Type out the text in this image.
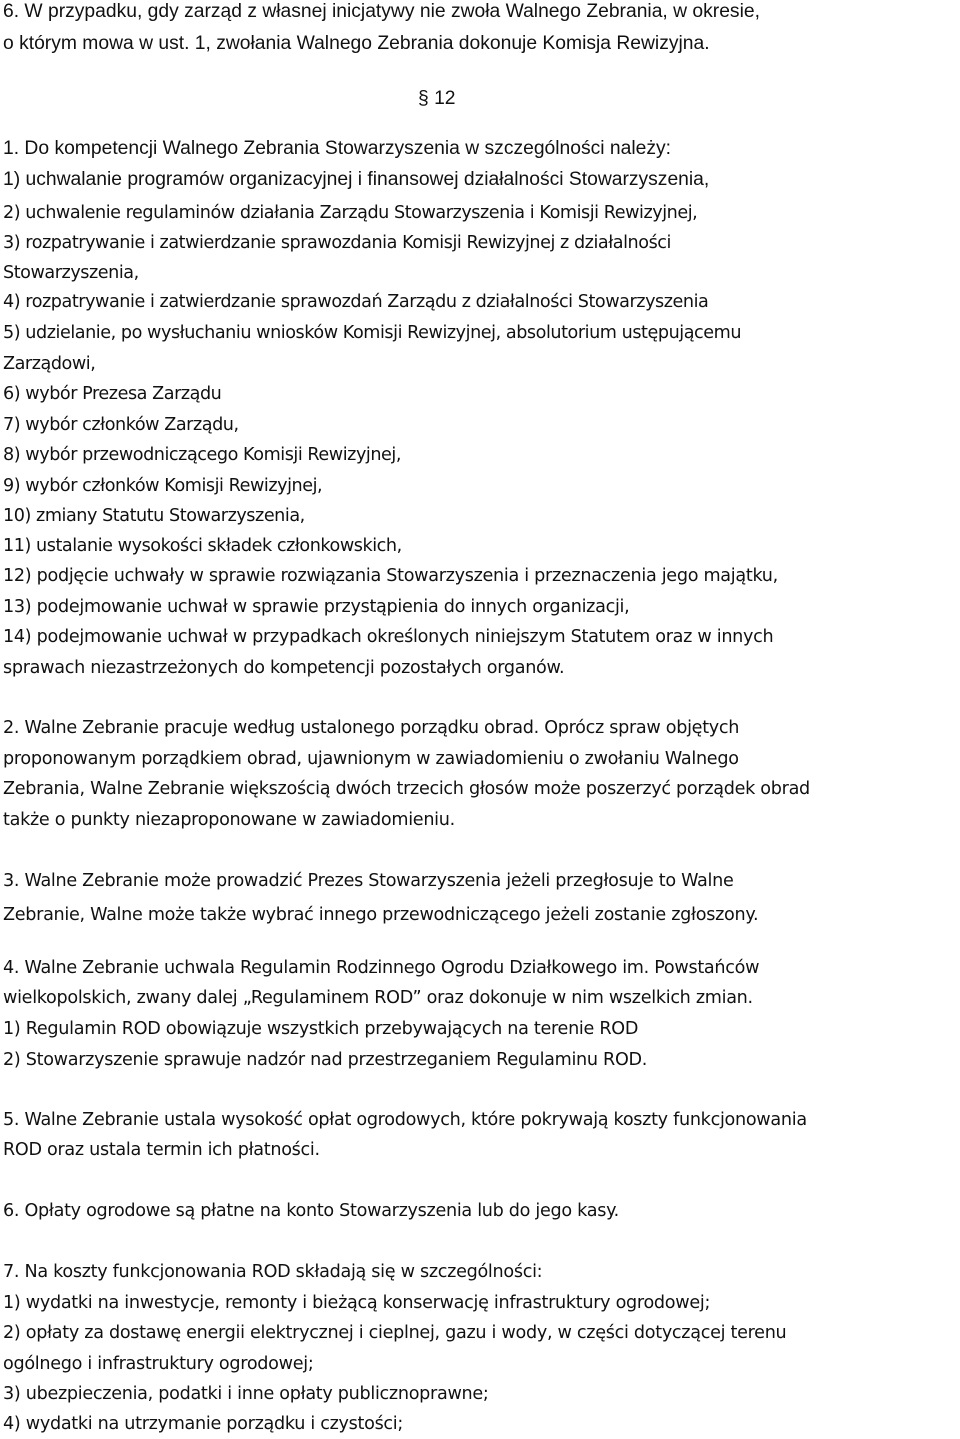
6. W przypadku, gdy zarząd z własnej inicjatywy nie zwoła Walnego Zebrania, w okresie,
o którym mowa w ust. 1, zwołania Walnego Zebrania dokonuje Komisja Rewizyjna.
§ 12
1. Do kompetencji Walnego Zebrania Stowarzyszenia w szczególności należy:
1) uchwalanie programów organizacyjnej i finansowej działalności Stowarzyszenia,
2) uchwalenie regulaminów działania Zarządu Stowarzyszenia i Komisji Rewizyjnej,
3) rozpatrywanie i zatwierdzanie sprawozdania Komisji Rewizyjnej z działalności
Stowarzyszenia,
4) rozpatrywanie i zatwierdzanie sprawozdań Zarządu z działalności Stowarzyszenia
5) udzielanie, po wysłuchaniu wniosków Komisji Rewizyjnej, absolutorium ustępującemu
Zarządowi,
6) wybór Prezesa Zarządu
7) wybór członków Zarządu,
8) wybór przewodniczącego Komisji Rewizyjnej,
9) wybór członków Komisji Rewizyjnej,
10) zmiany Statutu Stowarzyszenia,
11) ustalanie wysokości składek członkowskich,
12) podjęcie uchwały w sprawie rozwiązania Stowarzyszenia i przeznaczenia jego majątku,
13) podejmowanie uchwał w sprawie przystąpienia do innych organizacji,
14) podejmowanie uchwał w przypadkach określonych niniejszym Statutem oraz w innych
sprawach niezastrzeżonych do kompetencji pozostałych organów.
2. Walne Zebranie pracuje według ustalonego porządku obrad. Oprócz spraw objętych
proponowanym porządkiem obrad, ujawnionym w zawiadomieniu o zwołaniu Walnego
Zebrania, Walne Zebranie większością dwóch trzecich głosów może poszerzyć porządek obrad
także o punkty niezaproponowane w zawiadomieniu.
3. Walne Zebranie może prowadzić Prezes Stowarzyszenia jeżeli przegłosuje to Walne
Zebranie, Walne może także wybrać innego przewodniczącego jeżeli zostanie zgłoszony.
4. Walne Zebranie uchwala Regulamin Rodzinnego Ogrodu Działkowego im. Powstańców
wielkopolskich, zwany dalej „Regulaminem ROD” oraz dokonuje w nim wszelkich zmian.
1) Regulamin ROD obowiązuje wszystkich przebywających na terenie ROD
2) Stowarzyszenie sprawuje nadzór nad przestrzeganiem Regulaminu ROD.
5. Walne Zebranie ustala wysokość opłat ogrodowych, które pokrywają koszty funkcjonowania
ROD oraz ustala termin ich płatności.
6. Opłaty ogrodowe są płatne na konto Stowarzyszenia lub do jego kasy.
7. Na koszty funkcjonowania ROD składają się w szczególności:
1) wydatki na inwestycje, remonty i bieżącą konserwację infrastruktury ogrodowej;
2) opłaty za dostawę energii elektrycznej i cieplnej, gazu i wody, w części dotyczącej terenu
ogólnego i infrastruktury ogrodowej;
3) ubezpieczenia, podatki i inne opłaty publicznoprawne;
4) wydatki na utrzymanie porządku i czystości;
